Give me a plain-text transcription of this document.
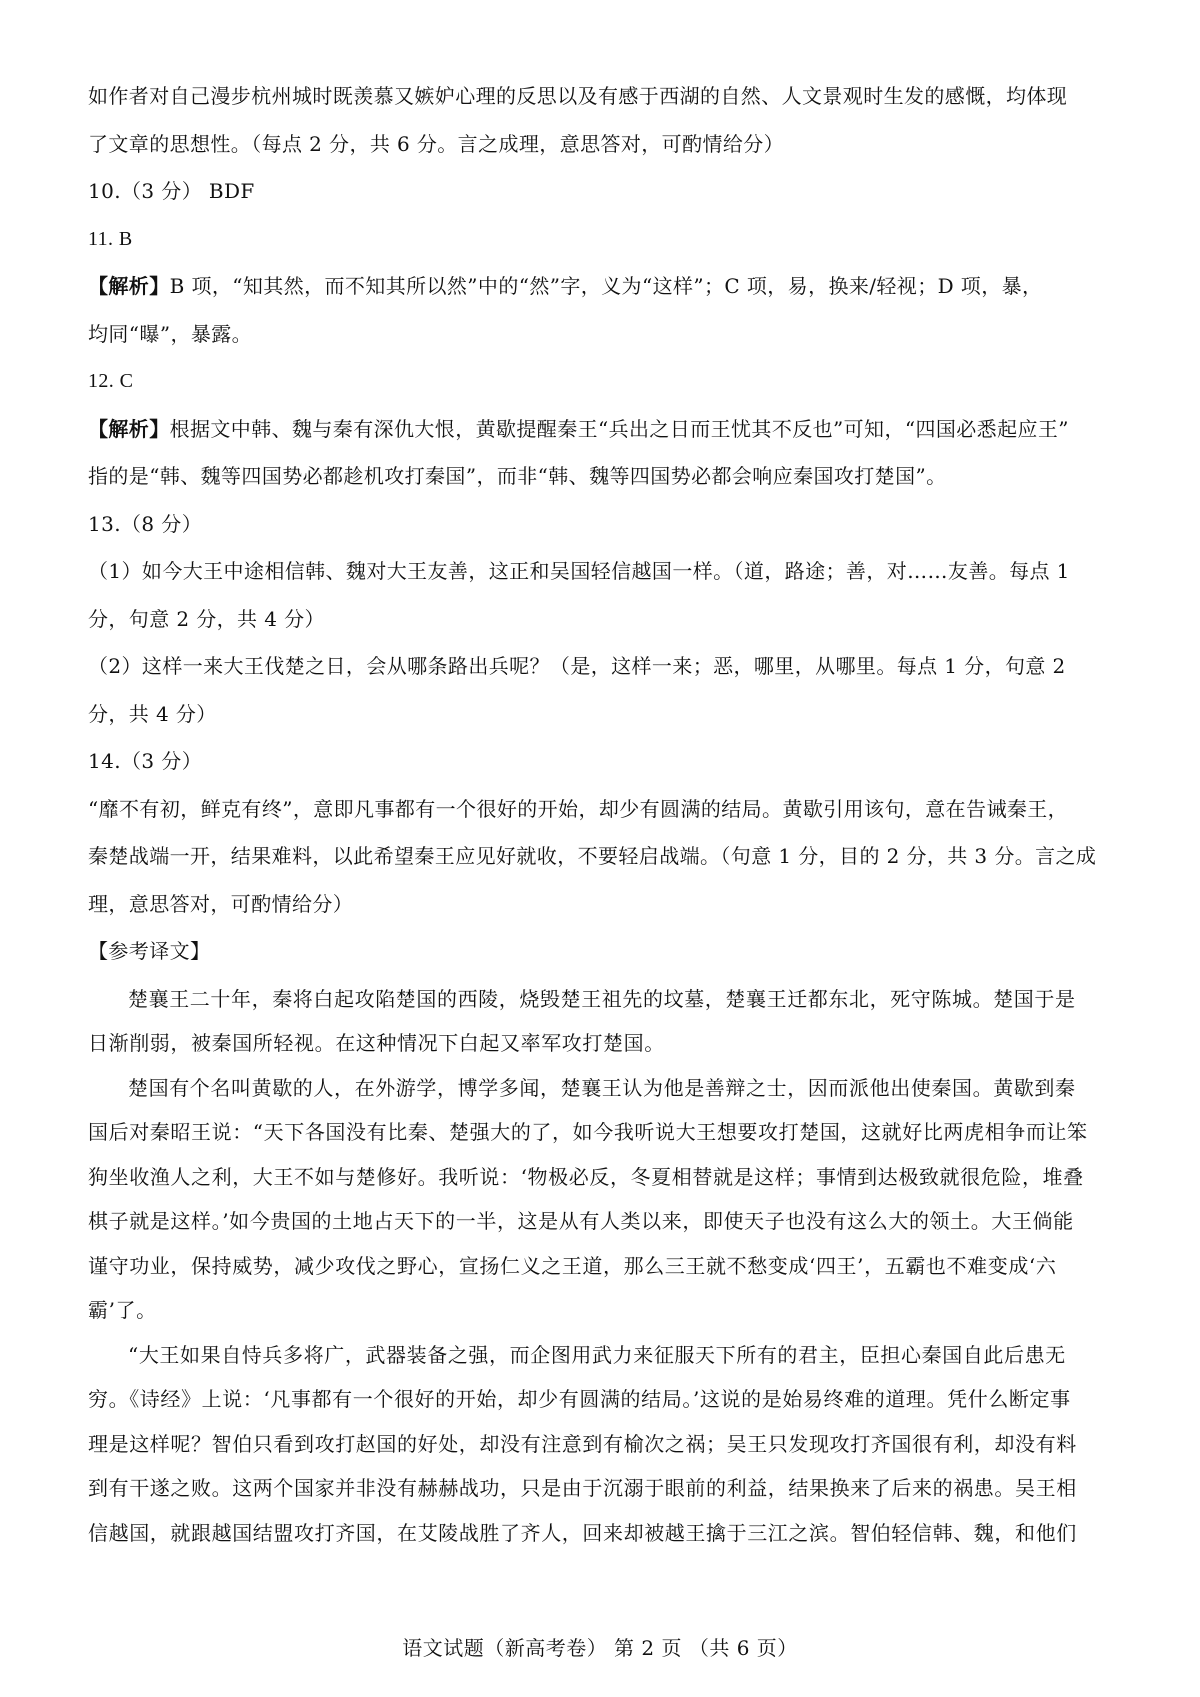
如作者对自己漫步杭州城时既羡慕又嫉妒心理的反思以及有感于西湖的自然、人文景观时生发的感慨，均体现
了文章的思想性。（每点 2 分，共 6 分。言之成理，意思答对，可酌情给分）
10.（3 分） BDF
11. B
【解析】B 项，“知其然，而不知其所以然”中的“然”字，义为“这样”；C 项，易，换来/轻视；D 项，暴，
均同“曝”，暴露。
12. C
【解析】根据文中韩、魏与秦有深仇大恨，黄歇提醒秦王“兵出之日而王忧其不反也”可知，“四国必悉起应王”
指的是“韩、魏等四国势必都趁机攻打秦国”，而非“韩、魏等四国势必都会响应秦国攻打楚国”。
13.（8 分）
（1）如今大王中途相信韩、魏对大王友善，这正和吴国轻信越国一样。（道，路途；善，对……友善。每点 1
分，句意 2 分，共 4 分）
（2）这样一来大王伐楚之日，会从哪条路出兵呢？（是，这样一来；恶，哪里，从哪里。每点 1 分，句意 2
分，共 4 分）
14.（3 分）
“靡不有初，鲜克有终”，意即凡事都有一个很好的开始，却少有圆满的结局。黄歇引用该句，意在告诫秦王，
秦楚战端一开，结果难料，以此希望秦王应见好就收，不要轻启战端。（句意 1 分，目的 2 分，共 3 分。言之成
理，意思答对，可酌情给分）
【参考译文】
楚襄王二十年，秦将白起攻陷楚国的西陵，烧毁楚王祖先的坟墓，楚襄王迁都东北，死守陈城。楚国于是
日渐削弱，被秦国所轻视。在这种情况下白起又率军攻打楚国。
楚国有个名叫黄歇的人，在外游学，博学多闻，楚襄王认为他是善辩之士，因而派他出使秦国。黄歇到秦
国后对秦昭王说：“天下各国没有比秦、楚强大的了，如今我听说大王想要攻打楚国，这就好比两虎相争而让笨
狗坐收渔人之利，大王不如与楚修好。我听说：‘物极必反，冬夏相替就是这样；事情到达极致就很危险，堆叠
棋子就是这样。’如今贵国的土地占天下的一半，这是从有人类以来，即使天子也没有这么大的领土。大王倘能
谨守功业，保持威势，减少攻伐之野心，宣扬仁义之王道，那么三王就不愁变成‘四王’，五霸也不难变成‘六
霸’了。
“大王如果自恃兵多将广，武器装备之强，而企图用武力来征服天下所有的君主，臣担心秦国自此后患无
穷。《诗经》上说：‘凡事都有一个很好的开始，却少有圆满的结局。’这说的是始易终难的道理。凭什么断定事
理是这样呢？智伯只看到攻打赵国的好处，却没有注意到有榆次之祸；吴王只发现攻打齐国很有利，却没有料
到有干遂之败。这两个国家并非没有赫赫战功，只是由于沉溺于眼前的利益，结果换来了后来的祸患。吴王相
信越国，就跟越国结盟攻打齐国，在艾陵战胜了齐人，回来却被越王擒于三江之滨。智伯轻信韩、魏，和他们
语文试题（新高考卷） 第 2 页 （共 6 页）
